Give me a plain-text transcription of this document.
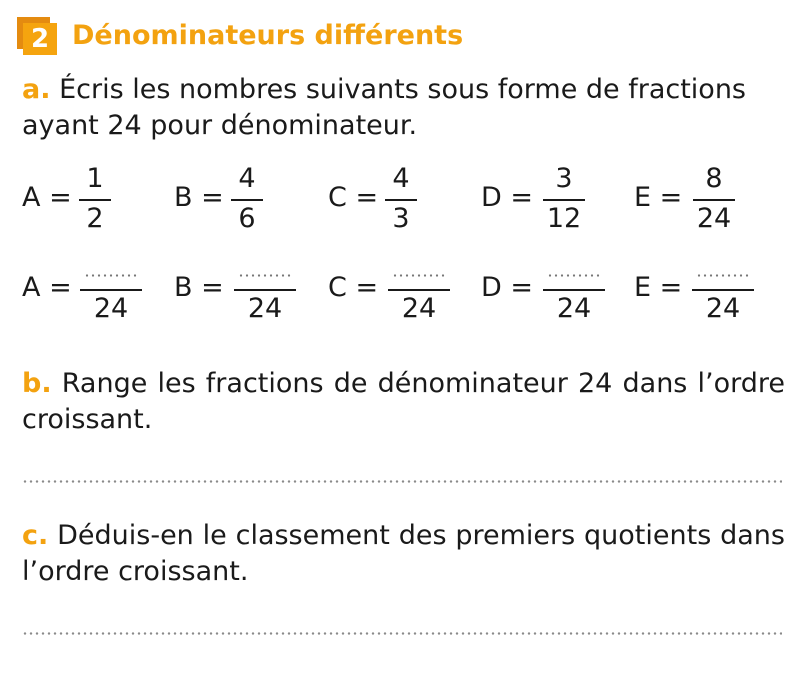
2 Dénominateurs différents
a. Écris les nombres suivants sous forme de fractions ayant 24 pour dénominateur.
A =
1
2
B =
4
6
C =
4
3
D =
3
12
E =
8
24
A =
24
B =
24
C =
24
D =
24
E =
24
b. Range les fractions de dénominateur 24 dans l’ordre croissant.
c. Déduis-en le classement des premiers quotients dans l’ordre croissant.
